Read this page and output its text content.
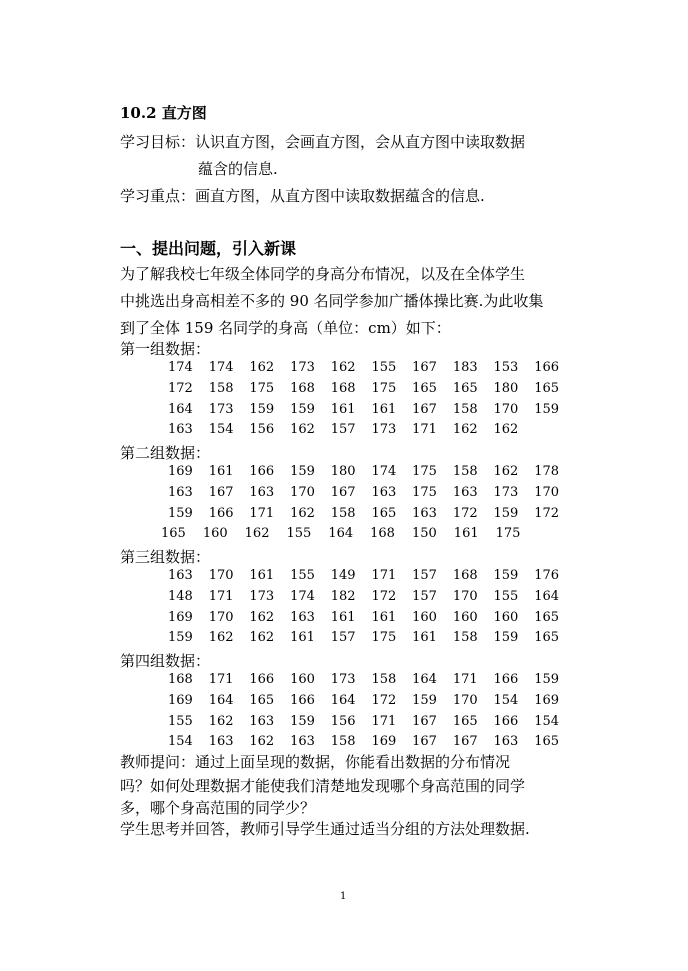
10.2 直方图
学习目标：认识直方图，会画直方图，会从直方图中读取数据
蕴含的信息.
学习重点：画直方图，从直方图中读取数据蕴含的信息.
一、提出问题，引入新课
为了解我校七年级全体同学的身高分布情况，以及在全体学生
中挑选出身高相差不多的 90 名同学参加广播体操比赛.为此收集
到了全体 159 名同学的身高（单位：cm）如下：
第一组数据：
174	174	162	173	162	155	167	183	153	166
172	158	175	168	168	175	165	165	180	165
164	173	159	159	161	161	167	158	170	159
163	154	156	162	157	173	171	162	162
第二组数据：
169	161	166	159	180	174	175	158	162	178
163	167	163	170	167	163	175	163	173	170
159	166	171	162	158	165	163	172	159	172
165 160 162 155 164 168 150 161 175
第三组数据：
163	170	161	155	149	171	157	168	159	176
148	171	173	174	182	172	157	170	155	164
169	170	162	163	161	161	160	160	160	165
159	162	162	161	157	175	161	158	159	165
第四组数据：
168	171	166	160	173	158	164	171	166	159
169	164	165	166	164	172	159	170	154	169
155	162	163	159	156	171	167	165	166	154
154	163	162	163	158	169	167	167	163	165
教师提问：通过上面呈现的数据，你能看出数据的分布情况
吗？如何处理数据才能使我们清楚地发现哪个身高范围的同学
多，哪个身高范围的同学少？
学生思考并回答，教师引导学生通过适当分组的方法处理数据.
1
